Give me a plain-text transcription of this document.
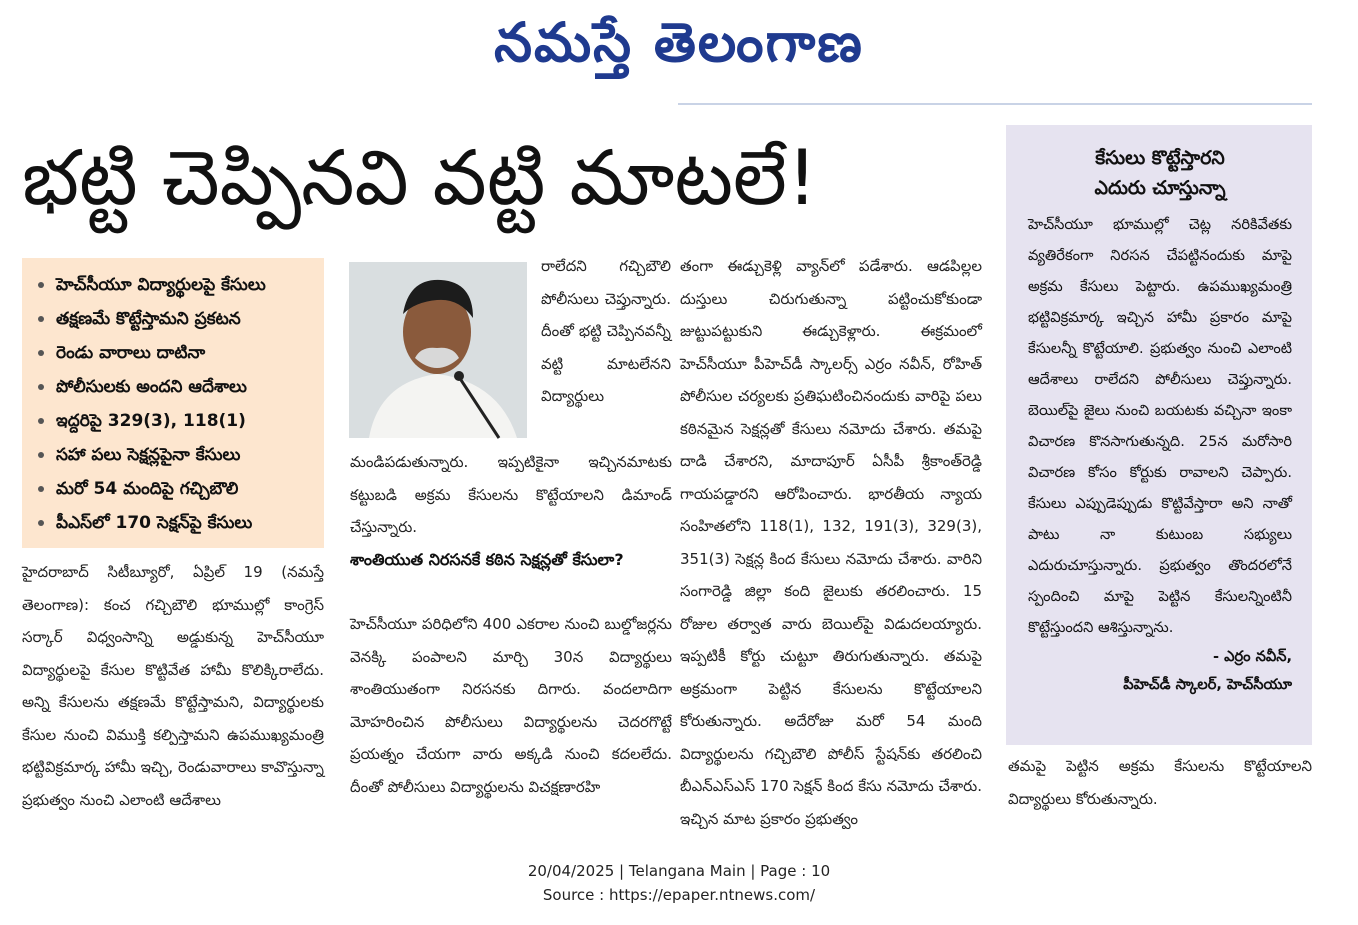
నమస్తే తెలంగాణ
భట్టి చెప్పినవి వట్టి మాటలే!
హెచ్‌సీయూ విద్యార్థులపై కేసులు
తక్షణమే కొట్టేస్తామని ప్రకటన
రెండు వారాలు దాటినా
పోలీసులకు అందని ఆదేశాలు
ఇద్దరిపై 329(3), 118(1)
సహా పలు సెక్షన్లపైనా కేసులు
మరో 54 మందిపై గచ్చిబౌలి
పీఎస్‌లో 170 సెక్షన్‌పై కేసులు

హైదరాబాద్‌ సిటీబ్యూరో, ఏప్రిల్‌ 19 (నమస్తే తెలంగాణ): కంచ గచ్చిబౌలి భూముల్లో కాంగ్రెస్‌ సర్కార్‌ విధ్వంసాన్ని అడ్డుకున్న హెచ్‌సీయూ విద్యార్థులపై కేసుల కొట్టివేత హామీ కొలిక్కిరాలేదు. అన్ని కేసులను తక్షణమే కొట్టేస్తామని, విద్యార్థులకు కేసుల నుంచి విముక్తి కల్పిస్తామని ఉపముఖ్యమంత్రి భట్టివిక్రమార్క హామీ ఇచ్చి, రెండువారాలు కావొస్తున్నా ప్రభుత్వం నుంచి ఎలాంటి ఆదేశాలు

రాలేదని గచ్చిబౌలి పోలీసులు చెప్తున్నారు. దీంతో భట్టి చెప్పినవన్నీ వట్టి మాటలేనని విద్యార్థులు

మండిపడుతున్నారు. ఇప్పటికైనా ఇచ్చినమాటకు కట్టుబడి అక్రమ కేసులను కొట్టేయాలని డిమాండ్‌ చేస్తున్నారు.

శాంతియుత నిరసనకే కఠిన సెక్షన్లతో కేసులా?

హెచ్‌సీయూ పరిధిలోని 400 ఎకరాల నుంచి బుల్డోజర్లను వెనక్కి పంపాలని మార్చి 30న విద్యార్థులు శాంతియుతంగా నిరసనకు దిగారు. వందలాదిగా మోహరించిన పోలీసులు విద్యార్థులను చెదరగొట్టే ప్రయత్నం చేయగా వారు అక్కడి నుంచి కదలలేదు. దీంతో పోలీసులు విద్యార్థులను విచక్షణారహి

తంగా ఈడ్చుకెళ్లి వ్యాన్‌లో పడేశారు. ఆడపిల్లల దుస్తులు చిరుగుతున్నా పట్టించుకోకుండా జుట్టుపట్టుకుని ఈడ్చుకెళ్లారు. ఈక్రమంలో హెచ్‌సీయూ పీహెచ్‌డీ స్కాలర్స్‌ ఎర్రం నవీన్‌, రోహిత్‌ పోలీసుల చర్యలకు ప్రతిఘటించినందుకు వారిపై పలు కఠినమైన సెక్షన్లతో కేసులు నమోదు చేశారు. తమపై దాడి చేశారని, మాదాపూర్‌ ఏసీపీ శ్రీకాంత్‌రెడ్డి గాయపడ్డారని ఆరోపించారు. భారతీయ న్యాయ సంహితలోని 118(1), 132, 191(3), 329(3), 351(3) సెక్షన్ల కింద కేసులు నమోదు చేశారు. వారిని సంగారెడ్డి జిల్లా కంది జైలుకు తరలించారు. 15 రోజుల తర్వాత వారు బెయిల్‌పై విడుదలయ్యారు. ఇప్పటికీ కోర్టు చుట్టూ తిరుగుతున్నారు. తమపై అక్రమంగా పెట్టిన కేసులను కొట్టేయాలని కోరుతున్నారు. అదేరోజు మరో 54 మంది విద్యార్థులను గచ్చిబౌలి పోలీస్‌ స్టేషన్‌కు తరలించి బీఎన్‌ఎస్‌ఎస్‌ 170 సెక్షన్‌ కింద కేసు నమోదు చేశారు. ఇచ్చిన మాట ప్రకారం ప్రభుత్వం

కేసులు కొట్టేస్తారని
ఎదురు చూస్తున్నా

హెచ్‌సీయూ భూముల్లో చెట్ల నరికివేతకు వ్యతిరేకంగా నిరసన చేపట్టినందుకు మాపై అక్రమ కేసులు పెట్టారు. ఉపముఖ్యమంత్రి భట్టివిక్రమార్క ఇచ్చిన హామీ ప్రకారం మాపై కేసులన్నీ కొట్టేయాలి. ప్రభుత్వం నుంచి ఎలాంటి ఆదేశాలు రాలేదని పోలీసులు చెప్తున్నారు. బెయిల్‌పై జైలు నుంచి బయటకు వచ్చినా ఇంకా విచారణ కొనసాగుతున్నది. 25న మరోసారి విచారణ కోసం కోర్టుకు రావాలని చెప్పారు. కేసులు ఎప్పుడెప్పుడు కొట్టివేస్తారా అని నాతో పాటు నా కుటుంబ సభ్యులు ఎదురుచూస్తున్నారు. ప్రభుత్వం తొందరలోనే స్పందించి మాపై పెట్టిన కేసులన్నింటినీ కొట్టేస్తుందని ఆశిస్తున్నాను.

- ఎర్రం నవీన్‌,

పీహెచ్‌డీ స్కాలర్‌, హెచ్‌సీయూ

తమపై పెట్టిన అక్రమ కేసులను కొట్టేయాలని విద్యార్థులు కోరుతున్నారు.

20/04/2025 | Telangana Main | Page : 10
Source : https://epaper.ntnews.com/
